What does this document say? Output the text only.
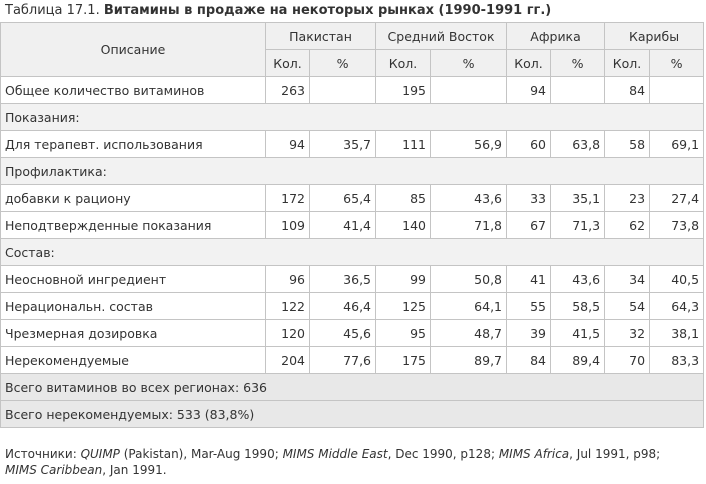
Таблица 17.1. Витамины в продаже на некоторых рынках (1990-1991 гг.)
Описание	Пакистан		Средний Восток		Африка		Карибы	
	Кол.	%	Кол.	%	Кол.	%	Кол.	%
Общее количество витаминов	263		195		94		84	
Показания:								
Для терапевт. использования	94	35,7	111	56,9	60	63,8	58	69,1
Профилактика:								
добавки к рациону	172	65,4	85	43,6	33	35,1	23	27,4
Неподтвержденные показания	109	41,4	140	71,8	67	71,3	62	73,8
Состав:								
Неосновной ингредиент	96	36,5	99	50,8	41	43,6	34	40,5
Нерациональн. состав	122	46,4	125	64,1	55	58,5	54	64,3
Чрезмерная дозировка	120	45,6	95	48,7	39	41,5	32	38,1
Нерекомендуемые	204	77,6	175	89,7	84	89,4	70	83,3
Всего витаминов во всех регионах: 636								
Всего нерекомендуемых: 533 (83,8%)								
Источники: QUIMP (Pakistan), Mar-Aug 1990; MIMS Middle East, Dec 1990, p128; MIMS Africa, Jul 1991, p98; MIMS Caribbean, Jan 1991.
